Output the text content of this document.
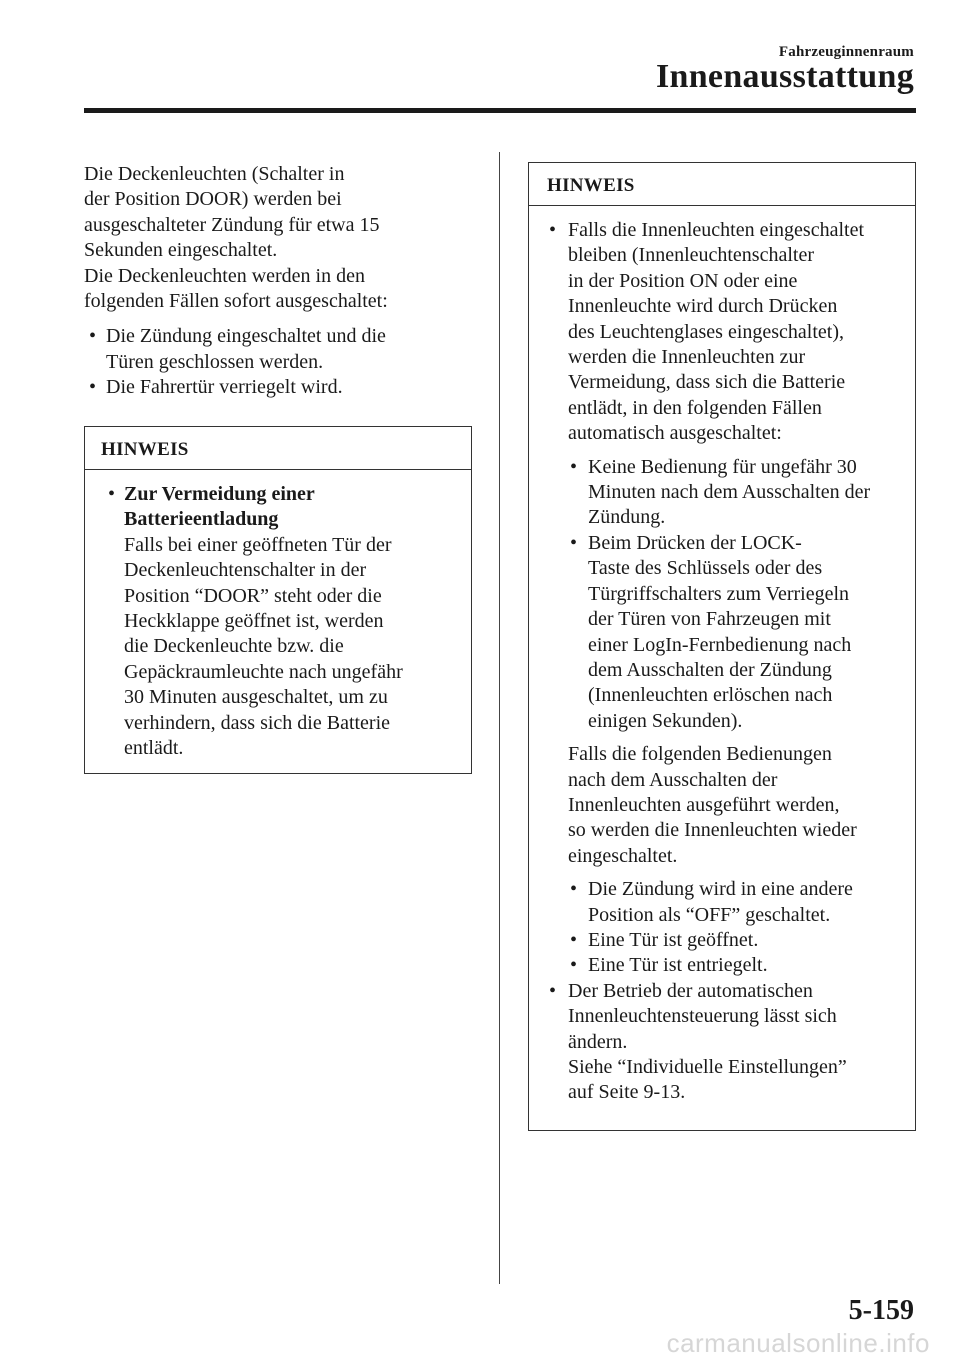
Fahrzeuginnenraum
Innenausstattung
Die Deckenleuchten (Schalter in
der Position DOOR) werden bei
ausgeschalteter Zündung für etwa 15
Sekunden eingeschaltet.
Die Deckenleuchten werden in den
folgenden Fällen sofort ausgeschaltet:
• Die Zündung eingeschaltet und die
Türen geschlossen werden.
• Die Fahrertür verriegelt wird.
HINWEIS
• Zur Vermeidung einer
Batterieentladung
Falls bei einer geöffneten Tür der
Deckenleuchtenschalter in der
Position “DOOR” steht oder die
Heckklappe geöffnet ist, werden
die Deckenleuchte bzw. die
Gepäckraumleuchte nach ungefähr
30 Minuten ausgeschaltet, um zu
verhindern, dass sich die Batterie
entlädt.
HINWEIS
• Falls die Innenleuchten eingeschaltet
bleiben (Innenleuchtenschalter
in der Position ON oder eine
Innenleuchte wird durch Drücken
des Leuchtenglases eingeschaltet),
werden die Innenleuchten zur
Vermeidung, dass sich die Batterie
entlädt, in den folgenden Fällen
automatisch ausgeschaltet:
• Keine Bedienung für ungefähr 30
Minuten nach dem Ausschalten der
Zündung.
• Beim Drücken der LOCK-
Taste des Schlüssels oder des
Türgriffschalters zum Verriegeln
der Türen von Fahrzeugen mit
einer LogIn-Fernbedienung nach
dem Ausschalten der Zündung
(Innenleuchten erlöschen nach
einigen Sekunden).
Falls die folgenden Bedienungen
nach dem Ausschalten der
Innenleuchten ausgeführt werden,
so werden die Innenleuchten wieder
eingeschaltet.
• Die Zündung wird in eine andere
Position als “OFF” geschaltet.
• Eine Tür ist geöffnet.
• Eine Tür ist entriegelt.
• Der Betrieb der automatischen
Innenleuchtensteuerung lässt sich
ändern.
Siehe “Individuelle Einstellungen”
auf Seite 9-13.
5-159
carmanualsonline.info
